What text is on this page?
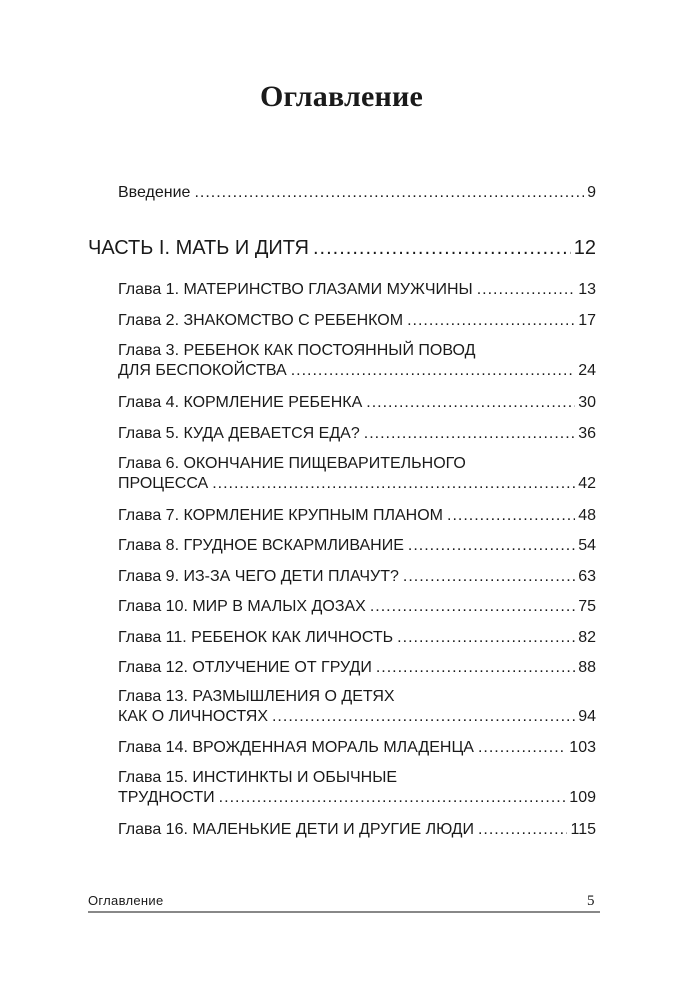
Оглавление
Введение .....	9
ЧАСТЬ I. МАТЬ И ДИТЯ .....	12
Глава 1. МАТЕРИНСТВО ГЛАЗАМИ МУЖЧИНЫ .....	13
Глава 2. ЗНАКОМСТВО С РЕБЕНКОМ .....	17
Глава 3. РЕБЕНОК КАК ПОСТОЯННЫЙ ПОВОД
ДЛЯ БЕСПОКОЙСТВА .....	24
Глава 4. КОРМЛЕНИЕ РЕБЕНКА .....	30
Глава 5. КУДА ДЕВАЕТСЯ ЕДА? .....	36
Глава 6. ОКОНЧАНИЕ ПИЩЕВАРИТЕЛЬНОГО
ПРОЦЕССА .....	42
Глава 7. КОРМЛЕНИЕ КРУПНЫМ ПЛАНОМ .....	48
Глава 8. ГРУДНОЕ ВСКАРМЛИВАНИЕ .....	54
Глава 9. ИЗ-ЗА ЧЕГО ДЕТИ ПЛАЧУТ? .....	63
Глава 10. МИР В МАЛЫХ ДОЗАХ .....	75
Глава 11. РЕБЕНОК КАК ЛИЧНОСТЬ .....	82
Глава 12. ОТЛУЧЕНИЕ ОТ ГРУДИ .....	88
Глава 13. РАЗМЫШЛЕНИЯ О ДЕТЯХ
КАК О ЛИЧНОСТЯХ .....	94
Глава 14. ВРОЖДЕННАЯ МОРАЛЬ МЛАДЕНЦА .....	103
Глава 15. ИНСТИНКТЫ И ОБЫЧНЫЕ
ТРУДНОСТИ .....	109
Глава 16. МАЛЕНЬКИЕ ДЕТИ И ДРУГИЕ ЛЮДИ .....	115
Оглавление	5
